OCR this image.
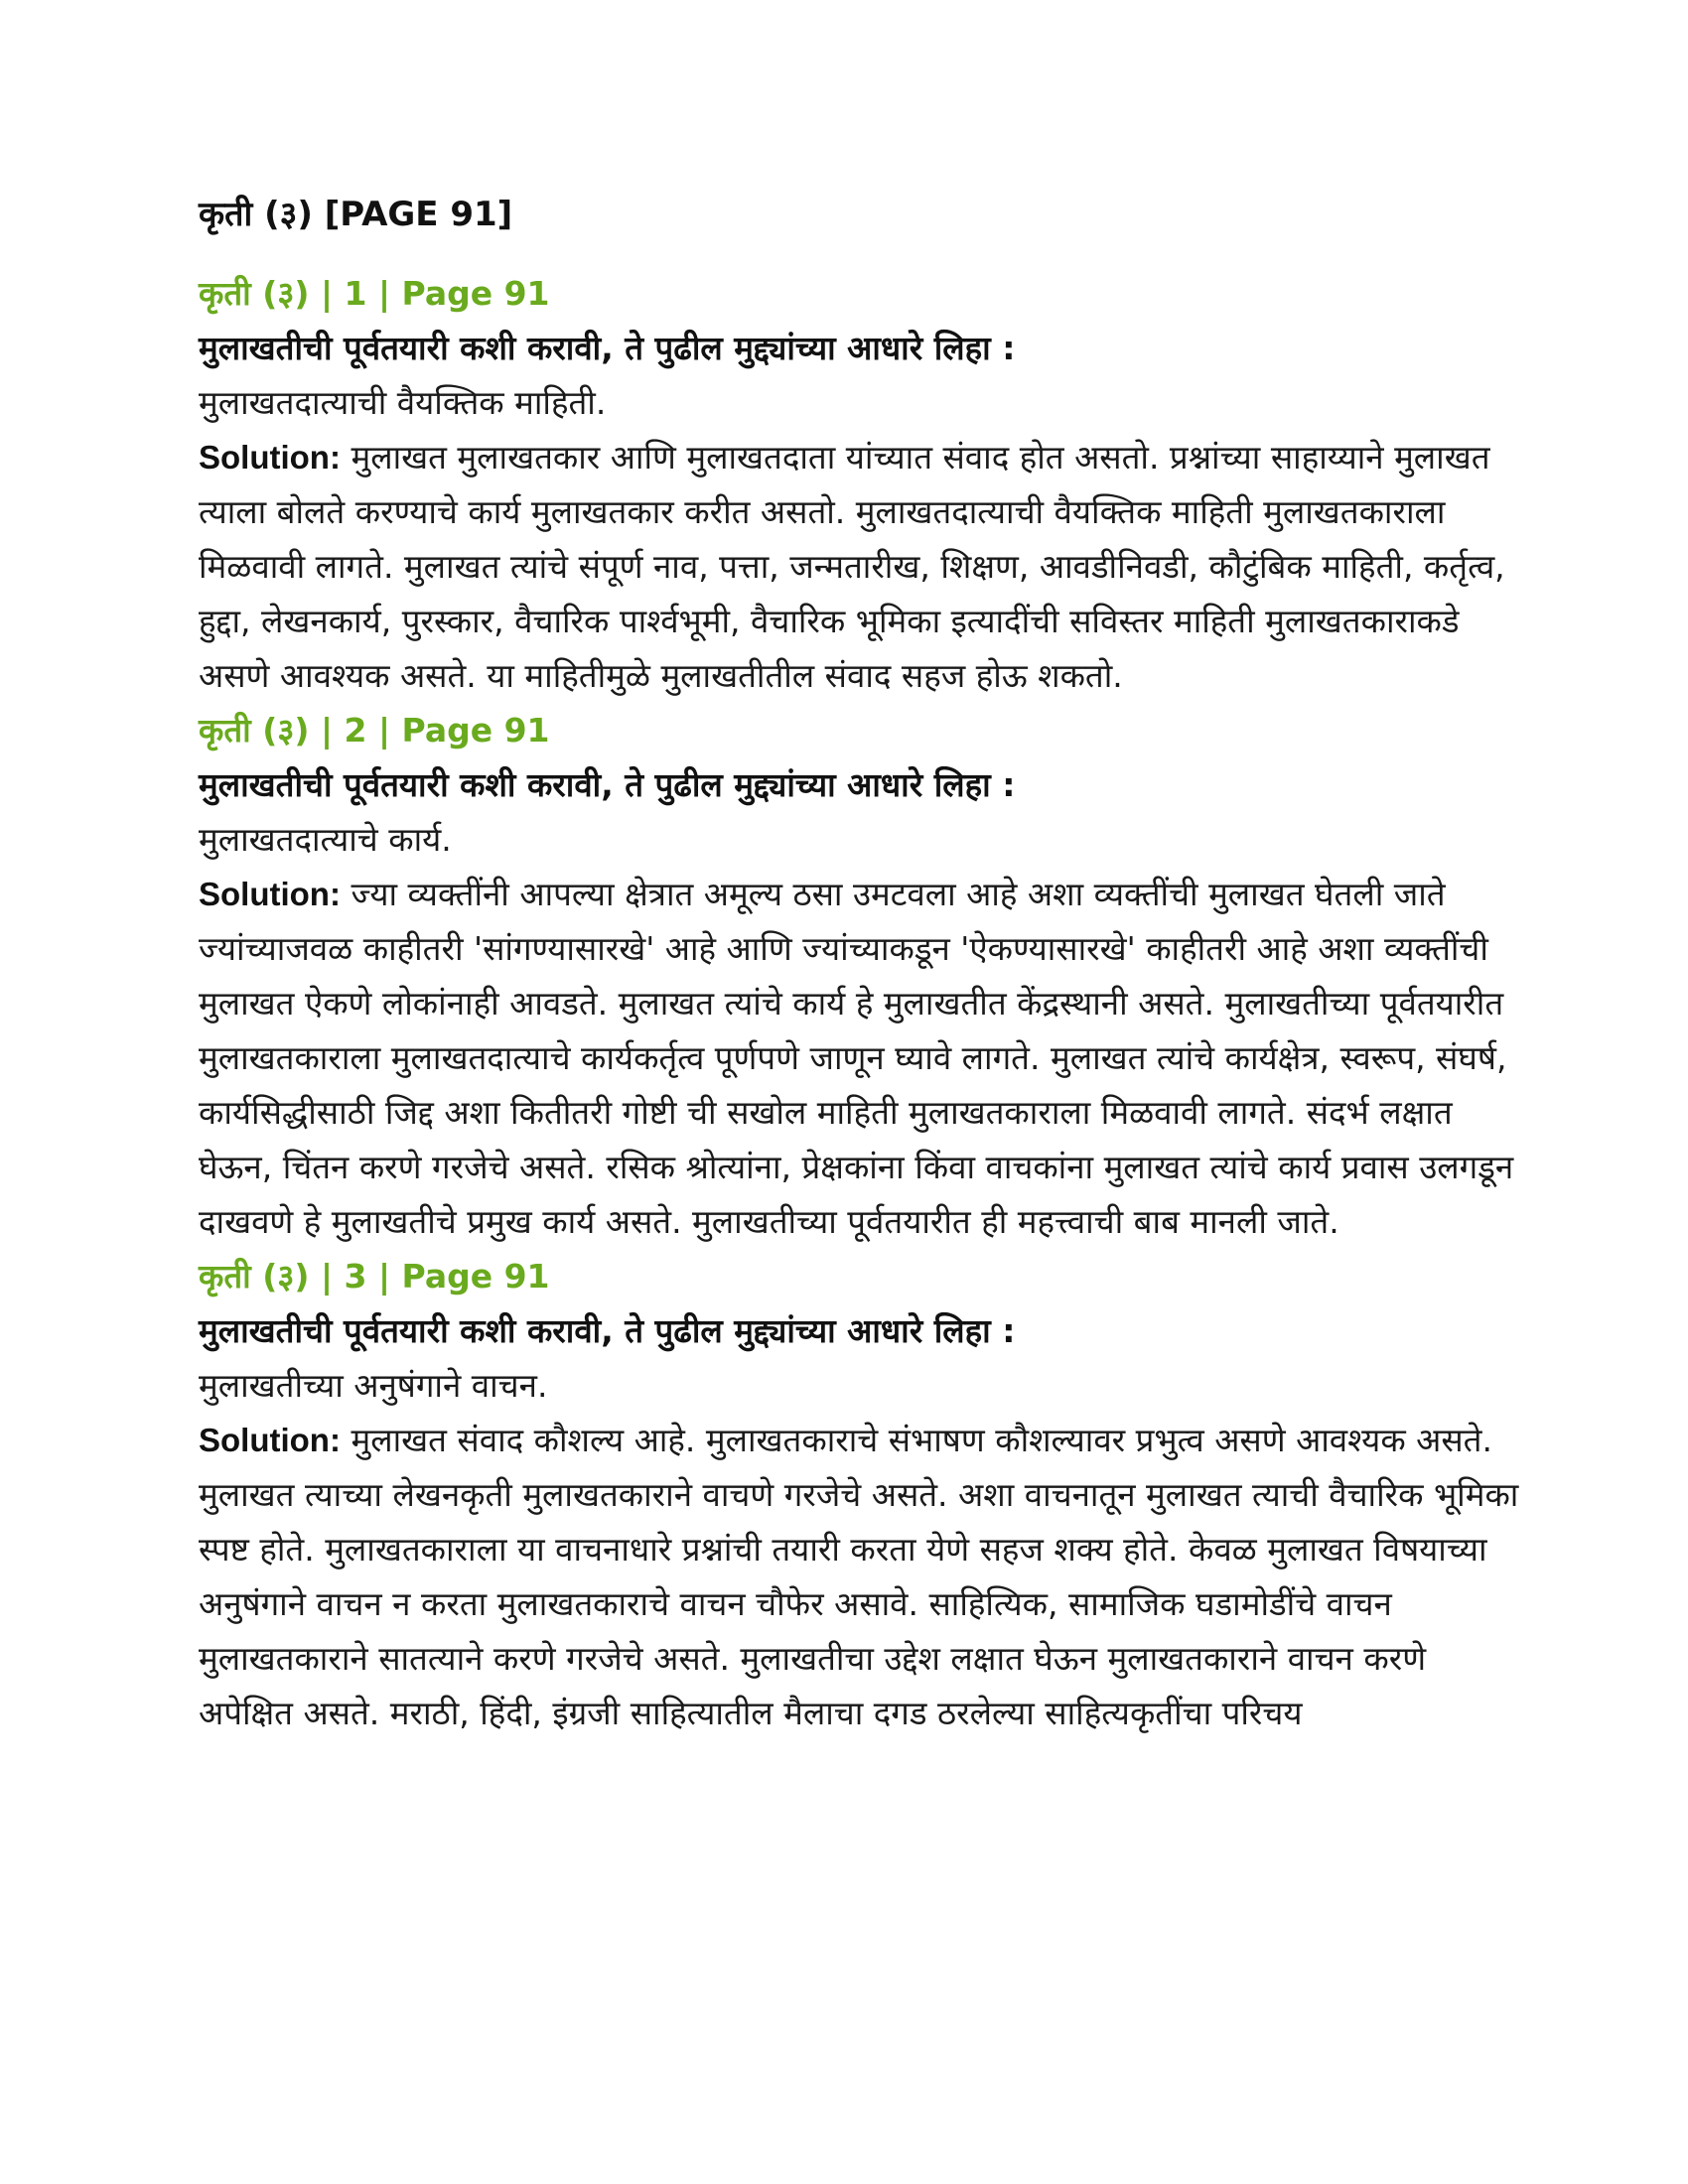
कृती (३) [PAGE 91]
कृती (३) | 1 | Page 91
मुलाखतीची पूर्वतयारी कशी करावी, ते पुढील मुद्द्यांच्या आधारे लिहा :
मुलाखतदात्याची वैयक्तिक माहिती.
Solution: मुलाखत मुलाखतकार आणि मुलाखतदाता यांच्यात संवाद होत असतो. प्रश्नांच्या साहाय्याने मुलाखत त्याला बोलते करण्याचे कार्य मुलाखतकार करीत असतो. मुलाखतदात्याची वैयक्तिक माहिती मुलाखतकाराला मिळवावी लागते. मुलाखत त्यांचे संपूर्ण नाव, पत्ता, जन्मतारीख, शिक्षण, आवडीनिवडी, कौटुंबिक माहिती, कर्तृत्व, हुद्दा, लेखनकार्य, पुरस्कार, वैचारिक पार्श्वभूमी, वैचारिक भूमिका इत्यादींची सविस्तर माहिती मुलाखतकाराकडे असणे आवश्यक असते. या माहितीमुळे मुलाखतीतील संवाद सहज होऊ शकतो.
कृती (३) | 2 | Page 91
मुलाखतीची पूर्वतयारी कशी करावी, ते पुढील मुद्द्यांच्या आधारे लिहा :
मुलाखतदात्याचे कार्य.
Solution: ज्या व्यक्तींनी आपल्या क्षेत्रात अमूल्य ठसा उमटवला आहे अशा व्यक्तींची मुलाखत घेतली जाते ज्यांच्याजवळ काहीतरी 'सांगण्यासारखे' आहे आणि ज्यांच्याकडून 'ऐकण्यासारखे' काहीतरी आहे अशा व्यक्तींची मुलाखत ऐकणे लोकांनाही आवडते. मुलाखत त्यांचे कार्य हे मुलाखतीत केंद्रस्थानी असते. मुलाखतीच्या पूर्वतयारीत मुलाखतकाराला मुलाखतदात्याचे कार्यकर्तृत्व पूर्णपणे जाणून घ्यावे लागते. मुलाखत त्यांचे कार्यक्षेत्र, स्वरूप, संघर्ष, कार्यसिद्धीसाठी जिद्द अशा कितीतरी गोष्टी ची सखोल माहिती मुलाखतकाराला मिळवावी लागते. संदर्भ लक्षात घेऊन, चिंतन करणे गरजेचे असते. रसिक श्रोत्यांना, प्रेक्षकांना किंवा वाचकांना मुलाखत त्यांचे कार्य प्रवास उलगडून दाखवणे हे मुलाखतीचे प्रमुख कार्य असते. मुलाखतीच्या पूर्वतयारीत ही महत्त्वाची बाब मानली जाते.
कृती (३) | 3 | Page 91
मुलाखतीची पूर्वतयारी कशी करावी, ते पुढील मुद्द्यांच्या आधारे लिहा :
मुलाखतीच्या अनुषंगाने वाचन.
Solution: मुलाखत संवाद कौशल्य आहे. मुलाखतकाराचे संभाषण कौशल्यावर प्रभुत्व असणे आवश्यक असते. मुलाखत त्याच्या लेखनकृती मुलाखतकाराने वाचणे गरजेचे असते. अशा वाचनातून मुलाखत त्याची वैचारिक भूमिका स्पष्ट होते. मुलाखतकाराला या वाचनाधारे प्रश्नांची तयारी करता येणे सहज शक्य होते. केवळ मुलाखत विषयाच्या अनुषंगाने वाचन न करता मुलाखतकाराचे वाचन चौफेर असावे. साहित्यिक, सामाजिक घडामोडींचे वाचन मुलाखतकाराने सातत्याने करणे गरजेचे असते. मुलाखतीचा उद्देश लक्षात घेऊन मुलाखतकाराने वाचन करणे अपेक्षित असते. मराठी, हिंदी, इंग्रजी साहित्यातील मैलाचा दगड ठरलेल्या साहित्यकृतींचा परिचय
